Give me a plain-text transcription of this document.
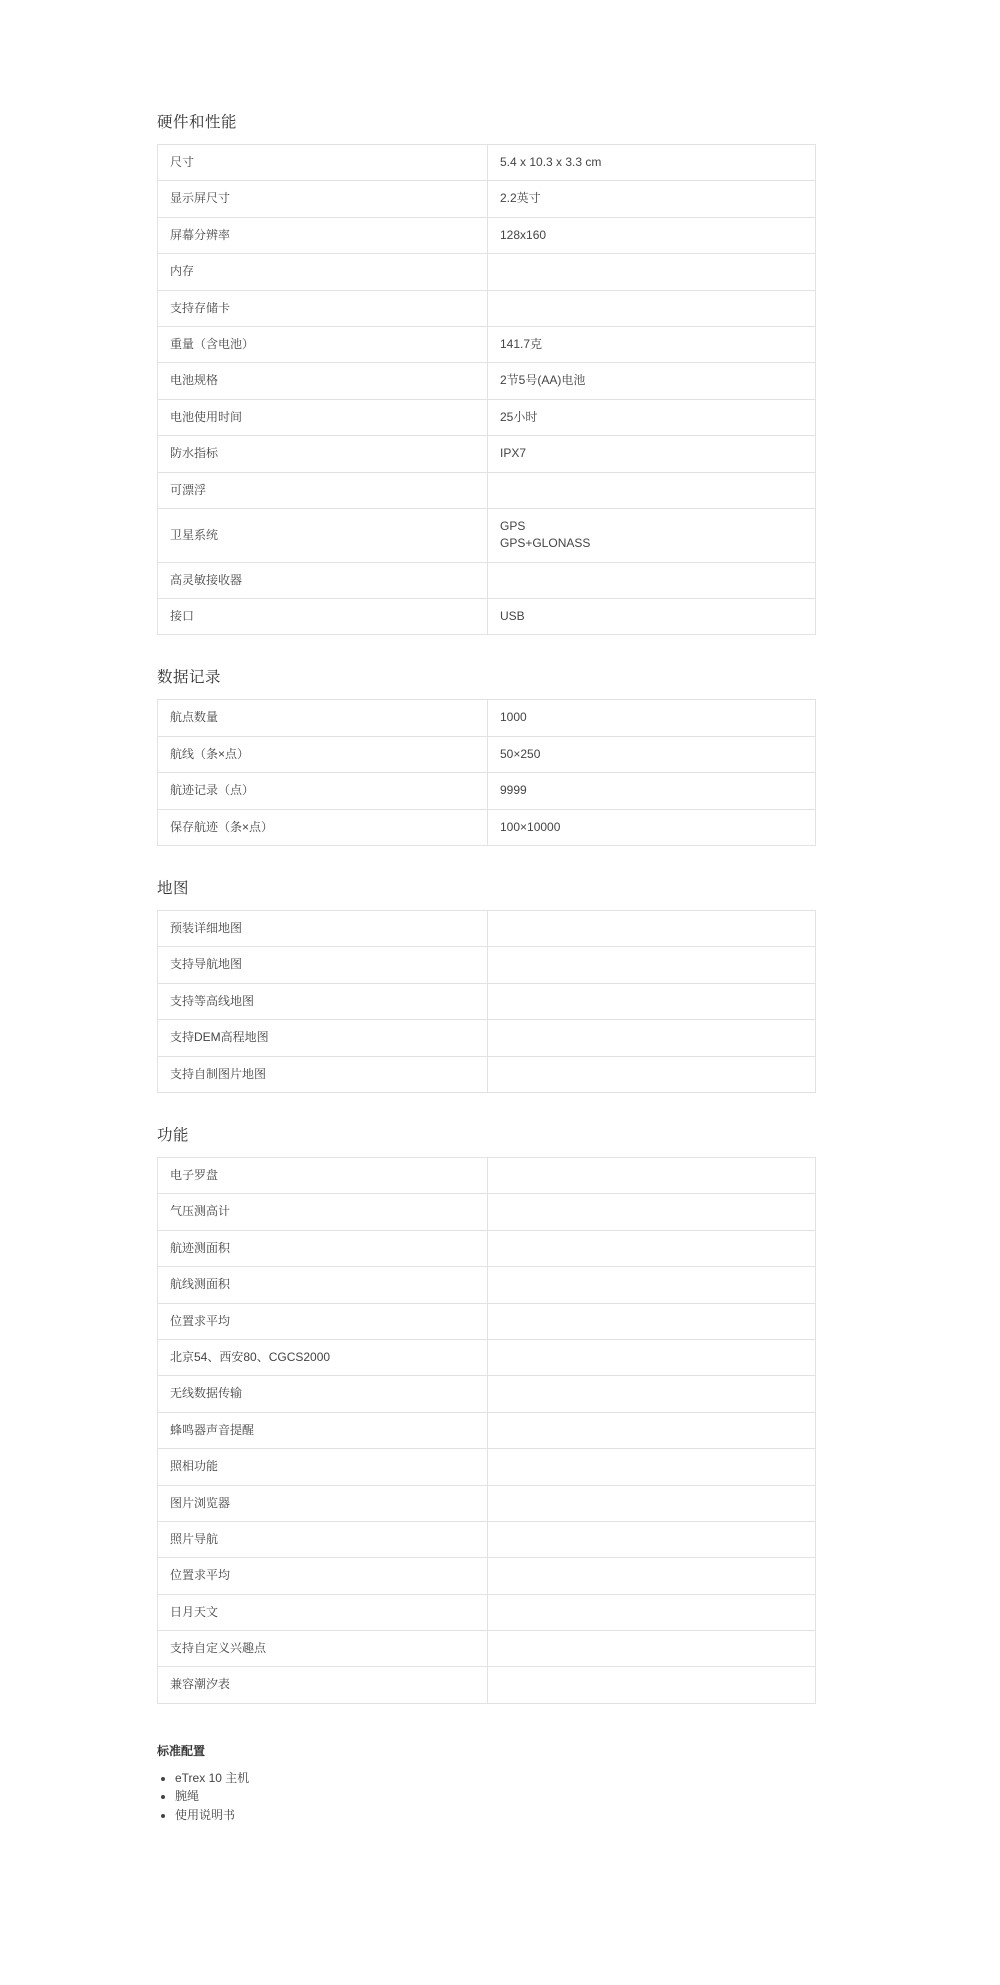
硬件和性能
尺寸	5.4 x 10.3 x 3.3 cm

显示屏尺寸	2.2英寸

屏幕分辨率	128x160

内存	
支持存储卡	
重量（含电池）	141.7克

电池规格	2节5号(AA)电池

电池使用时间	25小时

防水指标	IPX7

可漂浮	
卫星系统	GPS
GPS+GLONASS

高灵敏接收器	
接口	USB
数据记录
航点数量	1000

航线（条×点）	50×250

航迹记录（点）	9999

保存航迹（条×点）	100×10000
地图
预装详细地图	
支持导航地图	
支持等高线地图	
支持DEM高程地图	
支持自制图片地图	
功能
电子罗盘	
气压测高计	
航迹测面积	
航线测面积	
位置求平均	
北京54、西安80、CGCS2000	
无线数据传输	
蜂鸣器声音提醒	
照相功能	
图片浏览器	
照片导航	
位置求平均	
日月天文	
支持自定义兴趣点	
兼容潮汐表	
标准配置
• eTrex 10 主机
• 腕绳
• 使用说明书
